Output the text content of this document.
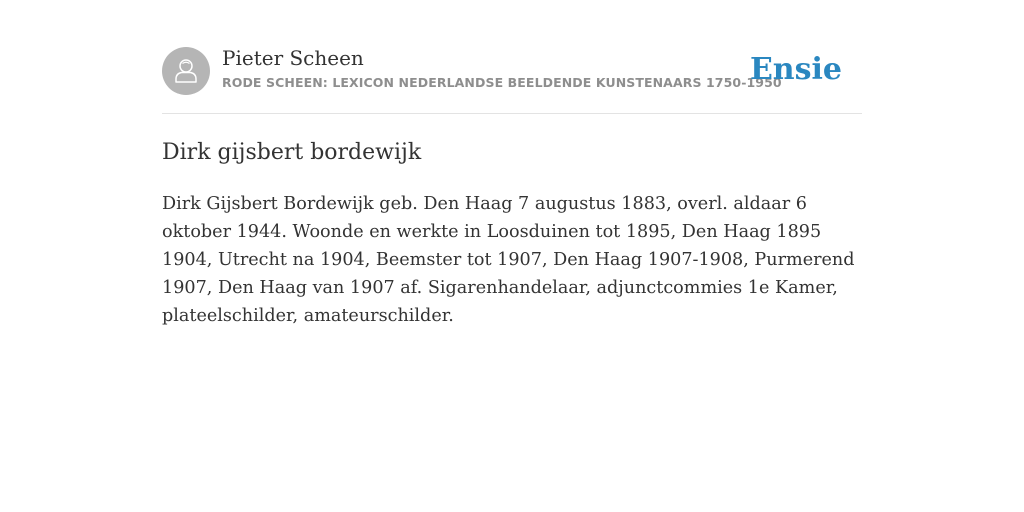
Pieter Scheen
RODE SCHEEN: LEXICON NEDERLANDSE BEELDENDE KUNSTENAARS 1750-1950
Ensie
Dirk gijsbert bordewijk

Dirk Gijsbert Bordewijk geb. Den Haag 7 augustus 1883, overl. aldaar 6 oktober 1944. Woonde en werkte in Loosduinen tot 1895, Den Haag 1895 1904, Utrecht na 1904, Beemster tot 1907, Den Haag 1907-1908, Purmerend 1907, Den Haag van 1907 af. Sigarenhandelaar, adjunctcommies 1e Kamer, plateelschilder, amateurschilder.
